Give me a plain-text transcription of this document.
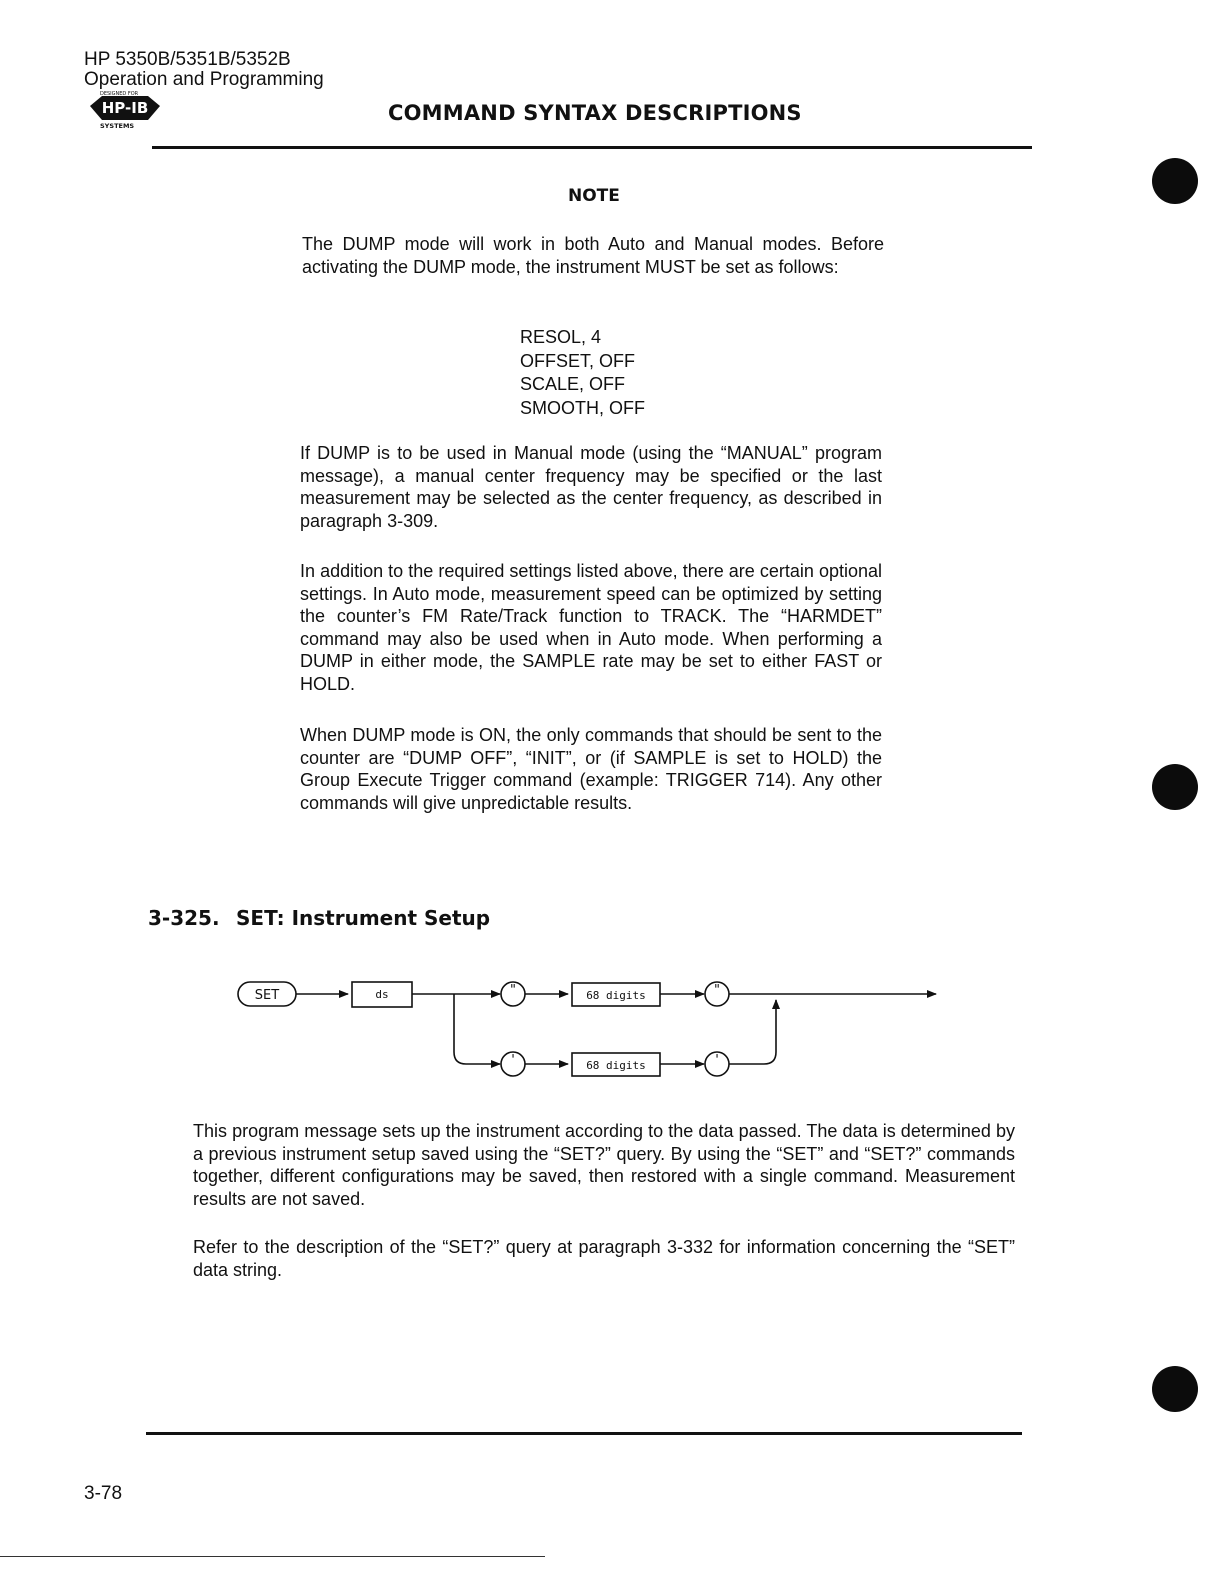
HP 5350B/5351B/5352B
Operation and Programming
DESIGNED FOR
HP-IB
SYSTEMS
COMMAND SYNTAX DESCRIPTIONS
NOTE

The DUMP mode will work in both Auto and Manual modes. Before activating the DUMP mode, the instrument MUST be set as follows:

RESOL, 4
OFFSET, OFF
SCALE, OFF
SMOOTH, OFF

If DUMP is to be used in Manual mode (using the “MANUAL” program message), a manual center frequency may be specified or the last measurement may be selected as the center frequency, as described in paragraph 3-309.

In addition to the required settings listed above, there are certain optional settings. In Auto mode, measurement speed can be optimized by setting the counter’s FM Rate/Track function to TRACK. The “HARMDET” command may also be used when in Auto mode. When performing a DUMP in either mode, the SAMPLE rate may be set to either FAST or HOLD.

When DUMP mode is ON, the only commands that should be sent to the counter are “DUMP OFF”, “INIT”, or (if SAMPLE is set to HOLD) the Group Execute Trigger command (example: TRIGGER 714). Any other commands will give unpredictable results.

3-325. SET: Instrument Setup
SET	ds	"	68 digits	"
'	68 digits	'

This program message sets up the instrument according to the data passed. The data is determined by a previous instrument setup saved using the “SET?” query. By using the “SET” and “SET?” commands together, different configurations may be saved, then restored with a single command. Measurement results are not saved.

Refer to the description of the “SET?” query at paragraph 3-332 for information concerning the “SET” data string.

3-78
